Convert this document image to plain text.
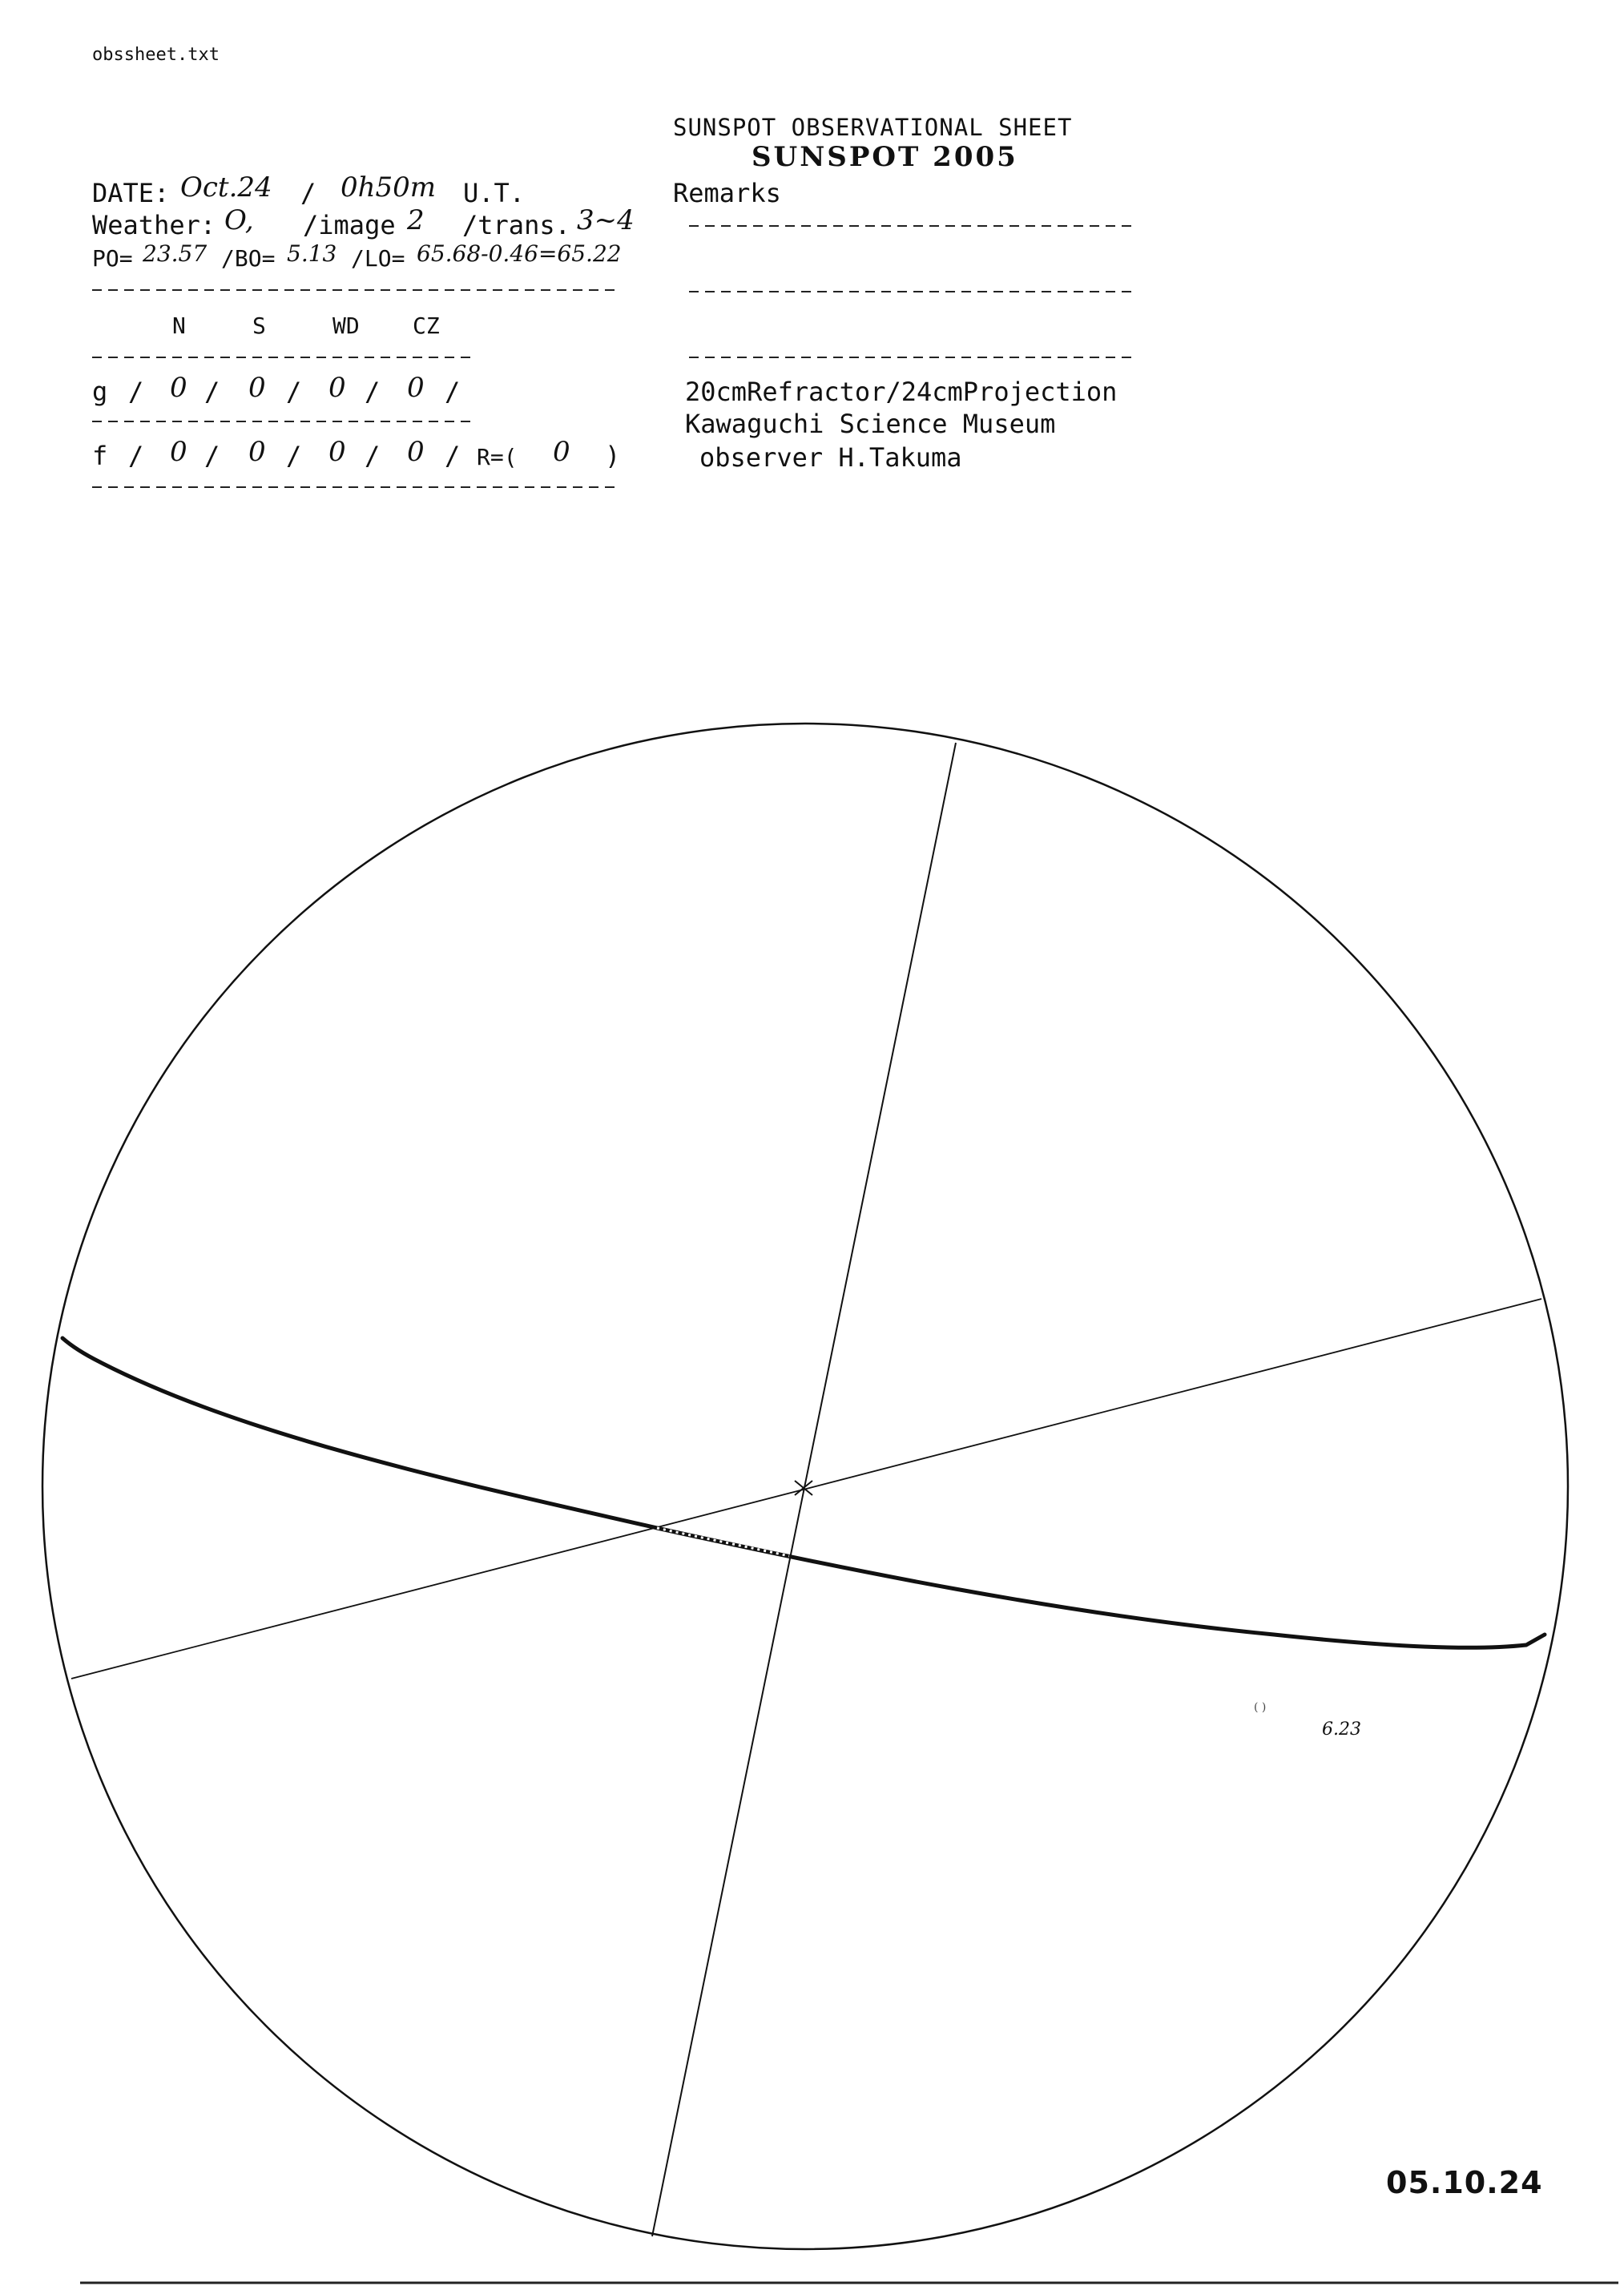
obssheet.txt
SUNSPOT OBSERVATIONAL SHEET
SUNSPOT 2005
DATE: Oct.24 / 0h50m U.T.
Weather: O, /image 2 /trans. 3~4
PO= 23.57 /BO= 5.13 /LO= 65.68-0.46=65.22
N	S	WD CZ
g / 0 / 0 / 0 / 0 /
f / 0 / 0 / 0 / 0 / R=( 0 )
Remarks
20cmRefractor/24cmProjection
Kawaguchi Science Museum
observer H.Takuma
05.10.24
6.23
( )
